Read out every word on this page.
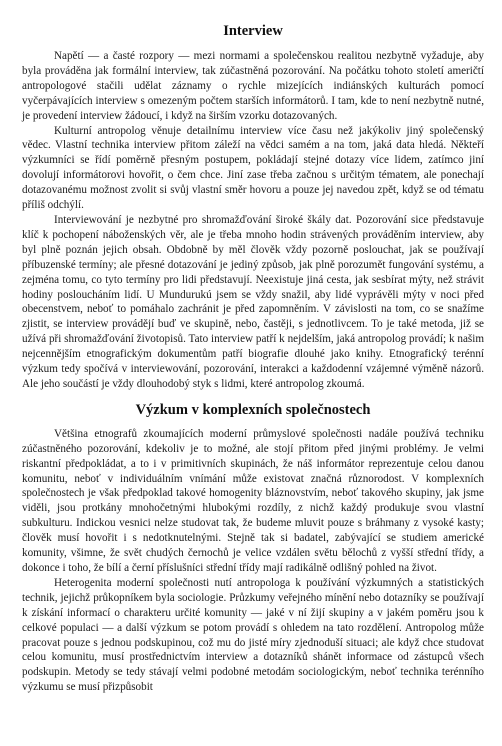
Interview

Napětí — a časté rozpory — mezi normami a společenskou realitou nezbytně vyžaduje, aby byla prováděna jak formální interview, tak zúčastněná pozorování. Na počátku tohoto století američtí antropologové stačili udělat záznamy o rychle mizejících indiánských kulturách pomocí vyčerpávajících interview s omezeným počtem starších informátorů. I tam, kde to není nezbytně nutné, je provedení interview žádoucí, i když na širším vzorku dotazovaných.

Kulturní antropolog věnuje detailnímu interview více času než jakýkoliv jiný společenský vědec. Vlastní technika interview přitom záleží na vědci samém a na tom, jaká data hledá. Někteří výzkumníci se řídí poměrně přesným postupem, pokládají stejné dotazy více lidem, zatímco jiní dovolují informátorovi hovořit, o čem chce. Jiní zase třeba začnou s určitým tématem, ale ponechají dotazovanému možnost zvolit si svůj vlastní směr hovoru a pouze jej navedou zpět, když se od tématu příliš odchýlí.

Interviewování je nezbytné pro shromažďování široké škály dat. Pozorování sice představuje klíč k pochopení náboženských věr, ale je třeba mnoho hodin strávených prováděním interview, aby byl plně poznán jejich obsah. Obdobně by měl člověk vždy pozorně poslouchat, jak se používají příbuzenské termíny; ale přesné dotazování je jediný způsob, jak plně porozumět fungování systému, a zejména tomu, co tyto termíny pro lidi představují. Neexistuje jiná cesta, jak sesbírat mýty, než strávit hodiny posloucháním lidí. U Mundurukú jsem se vždy snažil, aby lidé vyprávěli mýty v noci před obecenstvem, neboť to pomáhalo zachránit je před zapomněním. V závislosti na tom, co se snažíme zjistit, se interview provádějí buď ve skupině, nebo, častěji, s jednotlivcem. To je také metoda, již se užívá při shromažďování životopisů. Tato interview patří k nejdelším, jaká antropolog provádí; k našim nejcennějším etnografickým dokumentům patří biografie dlouhé jako knihy. Etnografický terénní výzkum tedy spočívá v interviewování, pozorování, interakci a každodenní vzájemné výměně názorů. Ale jeho součástí je vždy dlouhodobý styk s lidmi, které antropolog zkoumá.

Výzkum v komplexních společnostech

Většina etnografů zkoumajících moderní průmyslové společnosti nadále používá techniku zúčastněného pozorování, kdekoliv je to možné, ale stojí přitom před jinými problémy. Je velmi riskantní předpokládat, a to i v primitivních skupinách, že náš informátor reprezentuje celou danou komunitu, neboť v individuálním vnímání může existovat značná různorodost. V komplexních společnostech je však předpoklad takové homogenity bláznovstvím, neboť takového skupiny, jak jsme viděli, jsou protkány mnohočetnými hlubokými rozdíly, z nichž každý produkuje svou vlastní subkulturu. Indickou vesnici nelze studovat tak, že budeme mluvit pouze s bráhmany z vysoké kasty; člověk musí hovořit i s nedotknutelnými. Stejně tak si badatel, zabývající se studiem americké komunity, všimne, že svět chudých černochů je velice vzdálen světu bělochů z vyšší střední třídy, a dokonce i toho, že bílí a černí příslušníci střední třídy mají radikálně odlišný pohled na život.

Heterogenita moderní společnosti nutí antropologa k používání výzkumných a statistických technik, jejichž průkopníkem byla sociologie. Průzkumy veřejného mínění nebo dotazníky se používají k získání informací o charakteru určité komunity — jaké v ní žijí skupiny a v jakém poměru jsou k celkové populaci — a další výzkum se potom provádí s ohledem na tato rozdělení. Antropolog může pracovat pouze s jednou podskupinou, což mu do jisté míry zjednoduší situaci; ale když chce studovat celou komunitu, musí prostřednictvím interview a dotazníků shánět informace od zástupců všech podskupin. Metody se tedy stávají velmi podobné metodám sociologickým, neboť technika terénního výzkumu se musí přizpůsobit
